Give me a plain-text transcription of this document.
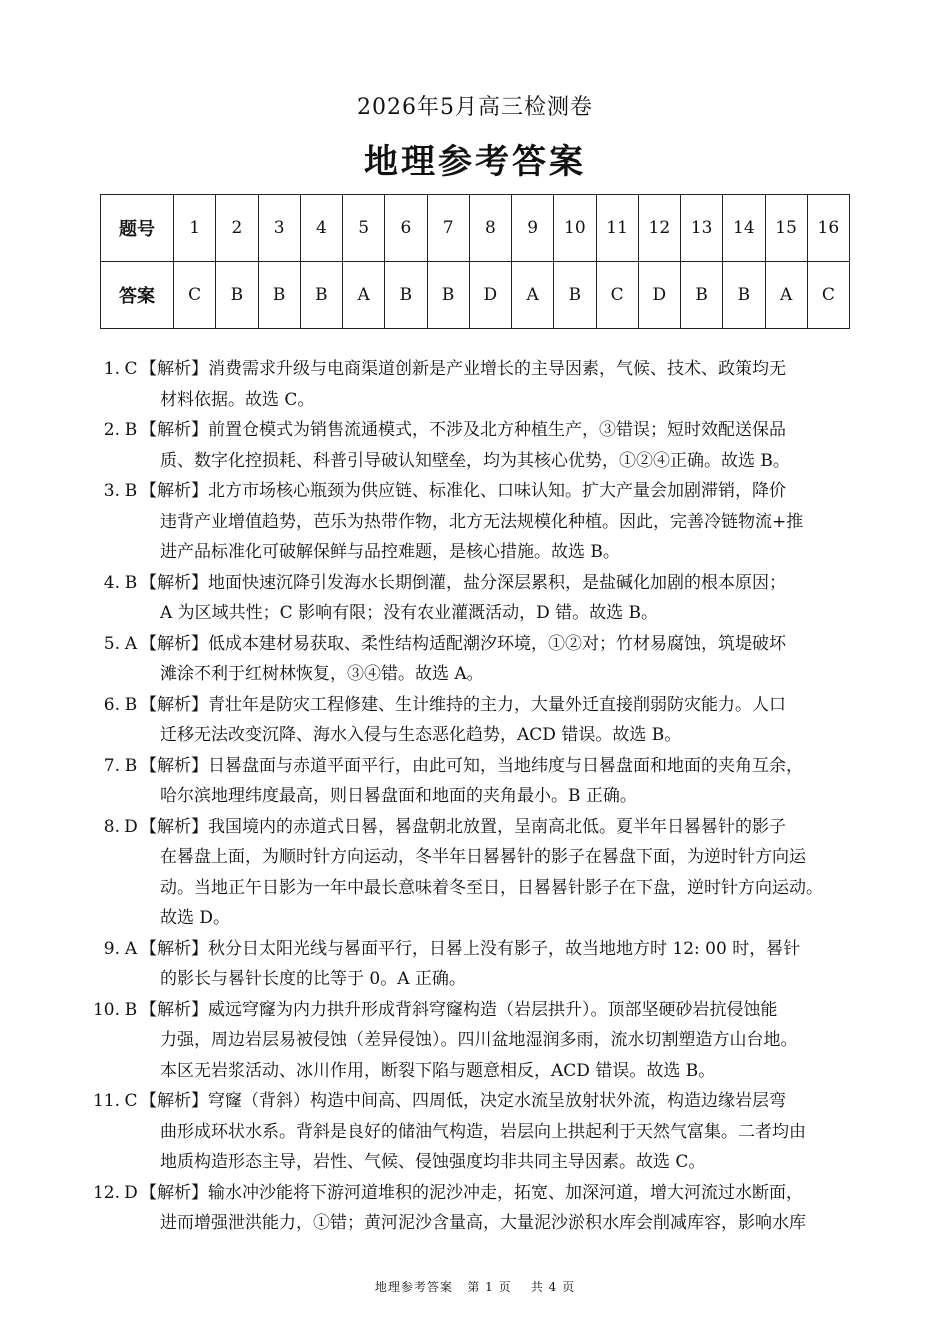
2026年5月高三检测卷
地理参考答案
题号	1	2	3	4	5	6	7	8	9	10	11	12	13	14	15	16
答案	C	B	B	B	A	B	B	D	A	B	C	D	B	B	A	C
1. C 【解析】消费需求升级与电商渠道创新是产业增长的主导因素，气候、技术、政策均无
材料依据。故选 C。
2. B 【解析】前置仓模式为销售流通模式，不涉及北方种植生产，③错误；短时效配送保品
质、数字化控损耗、科普引导破认知壁垒，均为其核心优势，①②④正确。故选 B。
3. B 【解析】北方市场核心瓶颈为供应链、标准化、口味认知。扩大产量会加剧滞销，降价
违背产业增值趋势，芭乐为热带作物，北方无法规模化种植。因此，完善冷链物流+推
进产品标准化可破解保鲜与品控难题，是核心措施。故选 B。
4. B 【解析】地面快速沉降引发海水长期倒灌，盐分深层累积，是盐碱化加剧的根本原因；
A 为区域共性；C 影响有限；没有农业灌溉活动，D 错。故选 B。
5. A 【解析】低成本建材易获取、柔性结构适配潮汐环境，①②对；竹材易腐蚀，筑堤破坏
滩涂不利于红树林恢复，③④错。故选 A。
6. B 【解析】青壮年是防灾工程修建、生计维持的主力，大量外迁直接削弱防灾能力。人口
迁移无法改变沉降、海水入侵与生态恶化趋势，ACD 错误。故选 B。
7. B 【解析】日晷盘面与赤道平面平行，由此可知，当地纬度与日晷盘面和地面的夹角互余，
哈尔滨地理纬度最高，则日晷盘面和地面的夹角最小。B 正确。
8. D 【解析】我国境内的赤道式日晷，晷盘朝北放置，呈南高北低。夏半年日晷晷针的影子
在晷盘上面，为顺时针方向运动，冬半年日晷晷针的影子在晷盘下面，为逆时针方向运
动。当地正午日影为一年中最长意味着冬至日，日晷晷针影子在下盘，逆时针方向运动。
故选 D。
9. A 【解析】秋分日太阳光线与晷面平行，日晷上没有影子，故当地地方时 12: 00 时，晷针
的影长与晷针长度的比等于 0。A 正确。
10. B 【解析】威远穹窿为内力拱升形成背斜穹窿构造（岩层拱升）。顶部坚硬砂岩抗侵蚀能
力强，周边岩层易被侵蚀（差异侵蚀）。四川盆地湿润多雨，流水切割塑造方山台地。
本区无岩浆活动、冰川作用，断裂下陷与题意相反，ACD 错误。故选 B。
11. C 【解析】穹窿（背斜）构造中间高、四周低，决定水流呈放射状外流，构造边缘岩层弯
曲形成环状水系。背斜是良好的储油气构造，岩层向上拱起利于天然气富集。二者均由
地质构造形态主导，岩性、气候、侵蚀强度均非共同主导因素。故选 C。
12. D 【解析】输水冲沙能将下游河道堆积的泥沙冲走，拓宽、加深河道，增大河流过水断面，
进而增强泄洪能力，①错；黄河泥沙含量高，大量泥沙淤积水库会削减库容，影响水库
地理参考答案 第 1 页 共 4 页
